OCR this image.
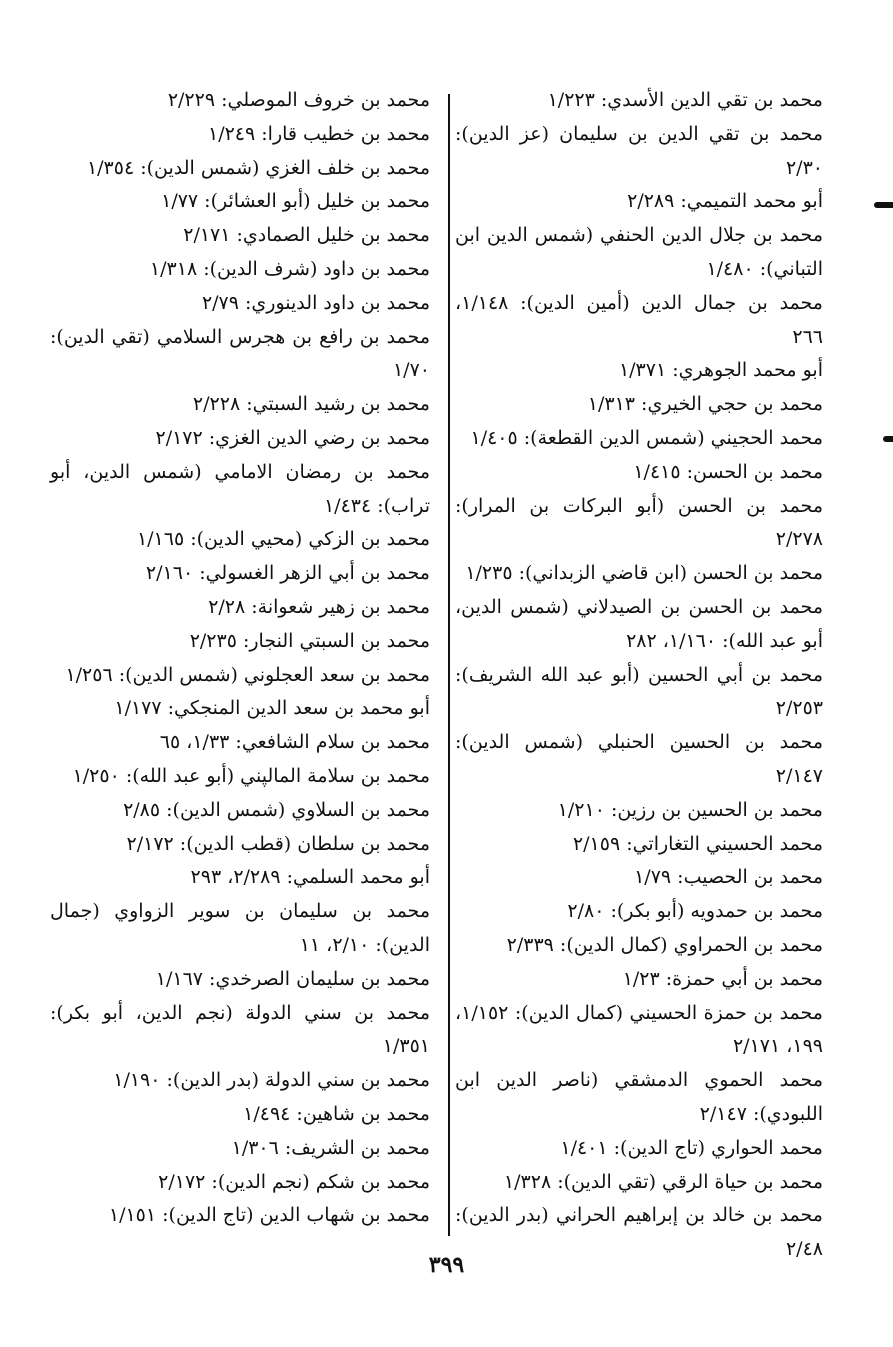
محمد بن تقي الدين الأسدي: ١/٢٢٣
محمد بن تقي الدين بن سليمان (عز الدين): ٢/٣٠
أبو محمد التميمي: ٢/٢٨٩
محمد بن جلال الدين الحنفي (شمس الدين ابن التباني): ١/٤٨٠
محمد بن جمال الدين (أمين الدين): ١/١٤٨، ٢٦٦
أبو محمد الجوهري: ١/٣٧١
محمد بن حجي الخيري: ١/٣١٣
محمد الحجيني (شمس الدين القطعة): ١/٤٠٥
محمد بن الحسن: ١/٤١٥
محمد بن الحسن (أبو البركات بن المرار): ٢/٢٧٨
محمد بن الحسن (ابن قاضي الزبداني): ١/٢٣٥
محمد بن الحسن بن الصيدلاني (شمس الدين، أبو عبد الله): ١/١٦٠، ٢٨٢
محمد بن أبي الحسين (أبو عبد الله الشريف): ٢/٢٥٣
محمد بن الحسين الحنبلي (شمس الدين): ٢/١٤٧
محمد بن الحسين بن رزين: ١/٢١٠
محمد الحسيني التغاراتي: ٢/١٥٩
محمد بن الحصيب: ١/٧٩
محمد بن حمدويه (أبو بكر): ٢/٨٠
محمد بن الحمراوي (كمال الدين): ٢/٣٣٩
محمد بن أبي حمزة: ١/٢٣
محمد بن حمزة الحسيني (كمال الدين): ١/١٥٢، ١٩٩، ٢/١٧١
محمد الحموي الدمشقي (ناصر الدين ابن اللبودي): ٢/١٤٧
محمد الحواري (تاج الدين): ١/٤٠١
محمد بن حياة الرقي (تقي الدين): ١/٣٢٨
محمد بن خالد بن إبراهيم الحراني (بدر الدين): ٢/٤٨
محمد بن خروف الموصلي: ٢/٢٢٩
محمد بن خطيب قارا: ١/٢٤٩
محمد بن خلف الغزي (شمس الدين): ١/٣٥٤
محمد بن خليل (أبو العشائر): ١/٧٧
محمد بن خليل الصمادي: ٢/١٧١
محمد بن داود (شرف الدين): ١/٣١٨
محمد بن داود الدينوري: ٢/٧٩
محمد بن رافع بن هجرس السلامي (تقي الدين): ١/٧٠
محمد بن رشيد السبتي: ٢/٢٢٨
محمد بن رضي الدين الغزي: ٢/١٧٢
محمد بن رمضان الامامي (شمس الدين، أبو تراب): ١/٤٣٤
محمد بن الزكي (محيي الدين): ١/١٦٥
محمد بن أبي الزهر الغسولي: ٢/١٦٠
محمد بن زهير شعوانة: ٢/٢٨
محمد بن السبتي النجار: ٢/٢٣٥
محمد بن سعد العجلوني (شمس الدين): ١/٢٥٦
أبو محمد بن سعد الدين المنجكي: ١/١٧٧
محمد بن سلام الشافعي: ١/٣٣، ٦٥
محمد بن سلامة المالپني (أبو عبد الله): ١/٢٥٠
محمد بن السلاوي (شمس الدين): ٢/٨٥
محمد بن سلطان (قطب الدين): ٢/١٧٢
أبو محمد السلمي: ٢/٢٨٩، ٢٩٣
محمد بن سليمان بن سوير الزواوي (جمال الدين): ٢/١٠، ١١
محمد بن سليمان الصرخدي: ١/١٦٧
محمد بن سني الدولة (نجم الدين، أبو بكر): ١/٣٥١
محمد بن سني الدولة (بدر الدين): ١/١٩٠
محمد بن شاهين: ١/٤٩٤
محمد بن الشريف: ١/٣٠٦
محمد بن شكم (نجم الدين): ٢/١٧٢
محمد بن شهاب الدين (تاج الدين): ١/١٥١
٣٩٩
